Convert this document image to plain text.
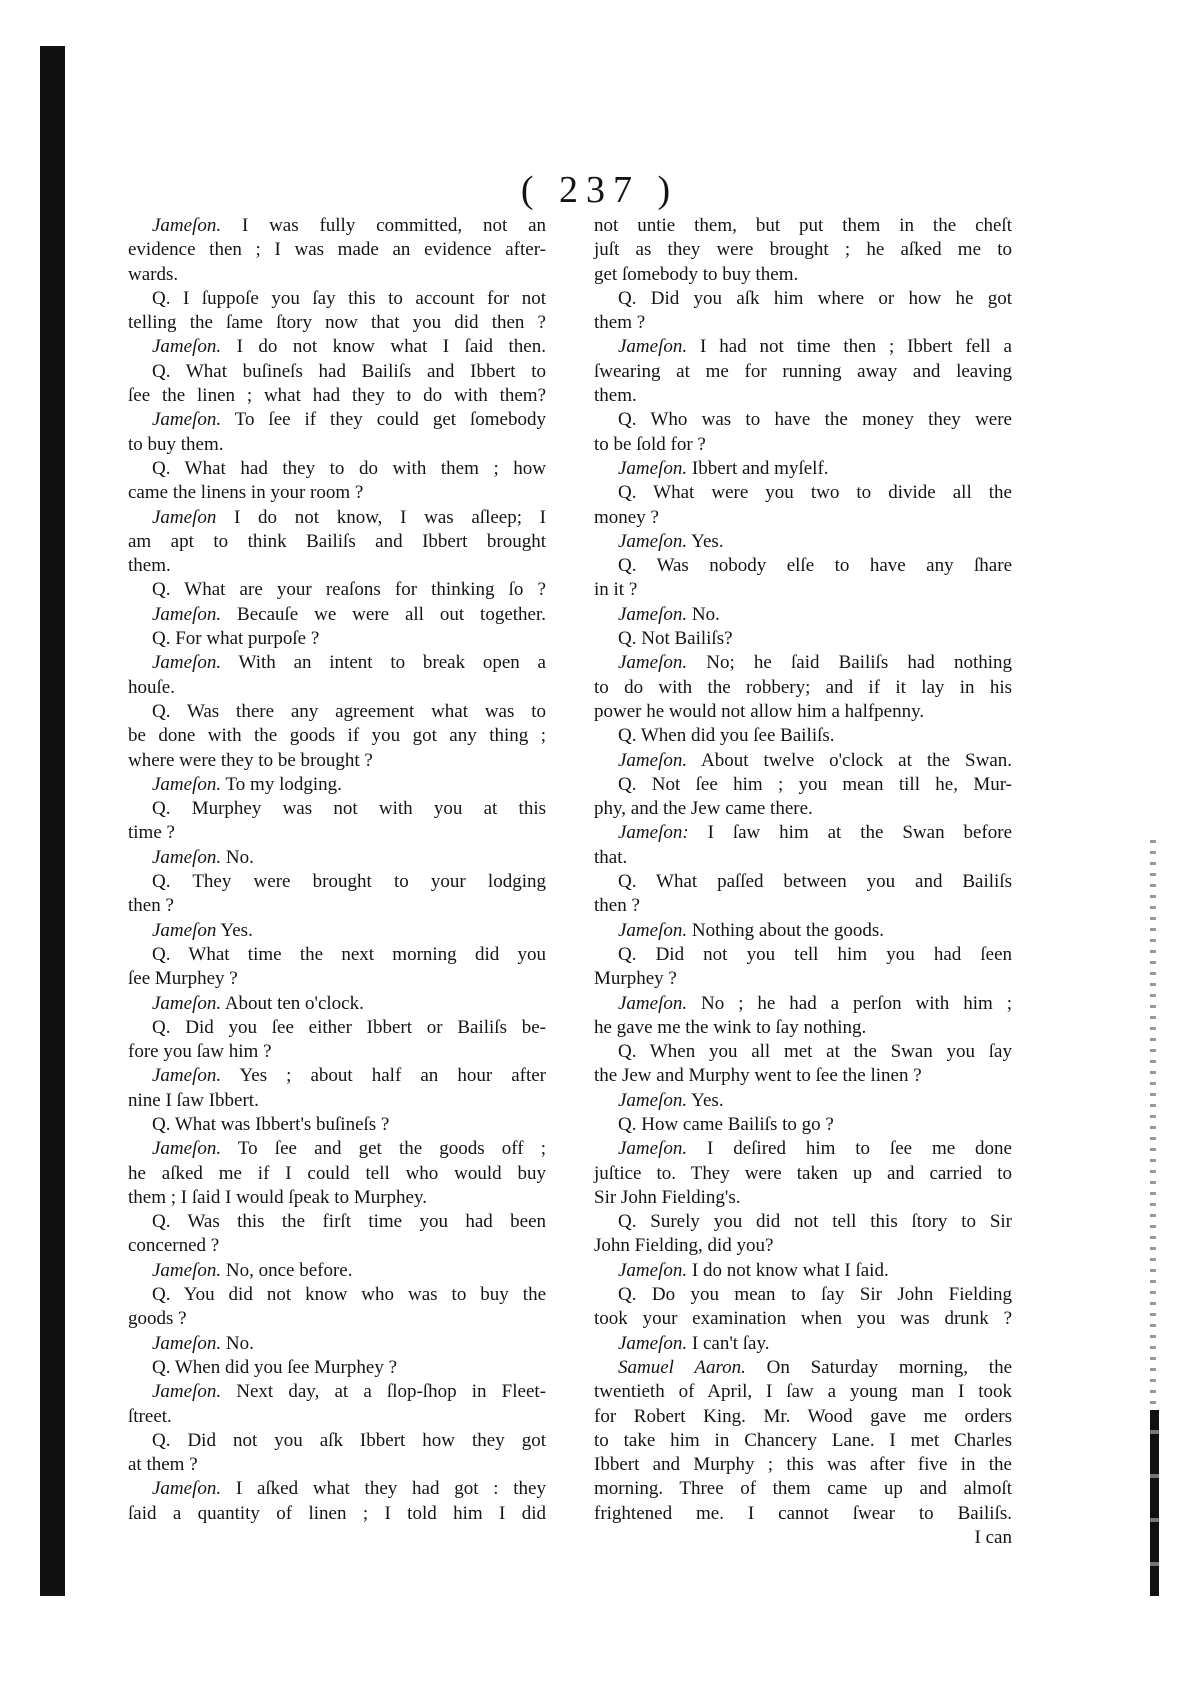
( 237 )
Jameſon. I was fully committed, not an
evidence then ; I was made an evidence after-
wards.
Q. I ſuppoſe you ſay this to account for not
telling the ſame ſtory now that you did then ?
Jameſon. I do not know what I ſaid then.
Q. What buſineſs had Bailiſs and Ibbert to
ſee the linen ; what had they to do with them?
Jameſon. To ſee if they could get ſomebody
to buy them.
Q. What had they to do with them ; how
came the linens in your room ?
Jameſon I do not know, I was aſleep; I
am apt to think Bailiſs and Ibbert brought
them.
Q. What are your reaſons for thinking ſo ?
Jameſon. Becauſe we were all out together.
Q. For what purpoſe ?
Jameſon. With an intent to break open a
houſe.
Q. Was there any agreement what was to
be done with the goods if you got any thing ;
where were they to be brought ?
Jameſon. To my lodging.
Q. Murphey was not with you at this
time ?
Jameſon. No.
Q. They were brought to your lodging
then ?
Jameſon Yes.
Q. What time the next morning did you
ſee Murphey ?
Jameſon. About ten o'clock.
Q. Did you ſee either Ibbert or Bailiſs be-
fore you ſaw him ?
Jameſon. Yes ; about half an hour after
nine I ſaw Ibbert.
Q. What was Ibbert's buſineſs ?
Jameſon. To ſee and get the goods off ;
he aſked me if I could tell who would buy
them ; I ſaid I would ſpeak to Murphey.
Q. Was this the firſt time you had been
concerned ?
Jameſon. No, once before.
Q. You did not know who was to buy the
goods ?
Jameſon. No.
Q. When did you ſee Murphey ?
Jameſon. Next day, at a ſlop-ſhop in Fleet-
ſtreet.
Q. Did not you aſk Ibbert how they got
at them ?
Jameſon. I aſked what they had got : they
ſaid a quantity of linen ; I told him I did
not untie them, but put them in the cheſt
juſt as they were brought ; he aſked me to
get ſomebody to buy them.
Q. Did you aſk him where or how he got
them ?
Jameſon. I had not time then ; Ibbert fell a
ſwearing at me for running away and leaving
them.
Q. Who was to have the money they were
to be ſold for ?
Jameſon. Ibbert and myſelf.
Q. What were you two to divide all the
money ?
Jameſon. Yes.
Q. Was nobody elſe to have any ſhare
in it ?
Jameſon. No.
Q. Not Bailiſs?
Jameſon. No; he ſaid Bailiſs had nothing
to do with the robbery; and if it lay in his
power he would not allow him a halfpenny.
Q. When did you ſee Bailiſs.
Jameſon. About twelve o'clock at the Swan.
Q. Not ſee him ; you mean till he, Mur-
phy, and the Jew came there.
Jameſon: I ſaw him at the Swan before
that.
Q. What paſſed between you and Bailiſs
then ?
Jameſon. Nothing about the goods.
Q. Did not you tell him you had ſeen
Murphey ?
Jameſon. No ; he had a perſon with him ;
he gave me the wink to ſay nothing.
Q. When you all met at the Swan you ſay
the Jew and Murphy went to ſee the linen ?
Jameſon. Yes.
Q. How came Bailiſs to go ?
Jameſon. I deſired him to ſee me done
juſtice to. They were taken up and carried to
Sir John Fielding's.
Q. Surely you did not tell this ſtory to Sir
John Fielding, did you?
Jameſon. I do not know what I ſaid.
Q. Do you mean to ſay Sir John Fielding
took your examination when you was drunk ?
Jameſon. I can't ſay.
Samuel Aaron. On Saturday morning, the
twentieth of April, I ſaw a young man I took
for Robert King. Mr. Wood gave me orders
to take him in Chancery Lane. I met Charles
Ibbert and Murphy ; this was after five in the
morning. Three of them came up and almoſt
frightened me. I cannot ſwear to Bailiſs.
I can
